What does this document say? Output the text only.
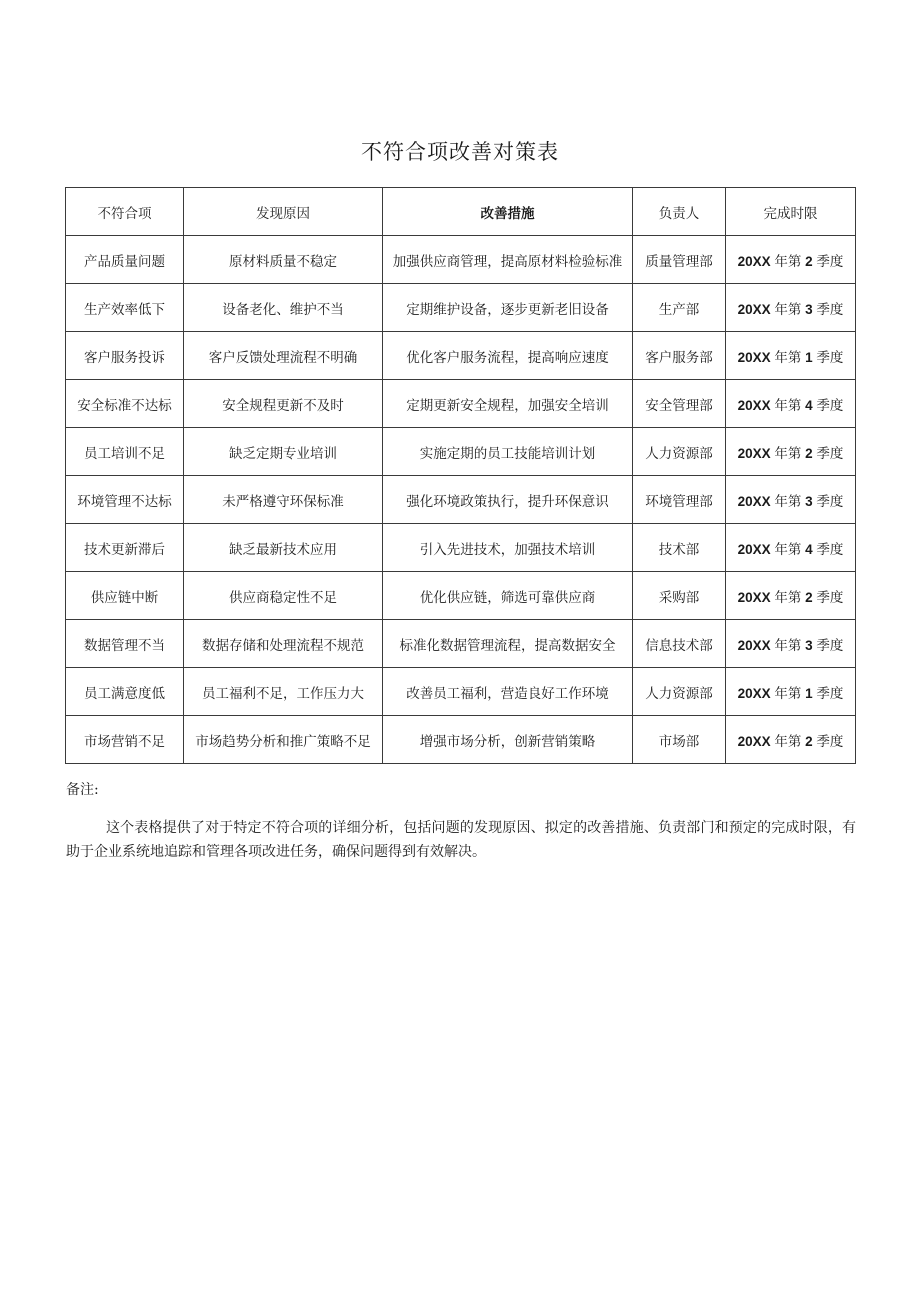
不符合项改善对策表
不符合项	发现原因	改善措施	负责人	完成时限
产品质量问题	原材料质量不稳定	加强供应商管理，提高原材料检验标准	质量管理部	20XX 年第 2 季度
生产效率低下	设备老化、维护不当	定期维护设备，逐步更新老旧设备	生产部	20XX 年第 3 季度
客户服务投诉	客户反馈处理流程不明确	优化客户服务流程，提高响应速度	客户服务部	20XX 年第 1 季度
安全标准不达标	安全规程更新不及时	定期更新安全规程，加强安全培训	安全管理部	20XX 年第 4 季度
员工培训不足	缺乏定期专业培训	实施定期的员工技能培训计划	人力资源部	20XX 年第 2 季度
环境管理不达标	未严格遵守环保标准	强化环境政策执行，提升环保意识	环境管理部	20XX 年第 3 季度
技术更新滞后	缺乏最新技术应用	引入先进技术，加强技术培训	技术部	20XX 年第 4 季度
供应链中断	供应商稳定性不足	优化供应链，筛选可靠供应商	采购部	20XX 年第 2 季度
数据管理不当	数据存储和处理流程不规范	标准化数据管理流程，提高数据安全	信息技术部	20XX 年第 3 季度
员工满意度低	员工福利不足，工作压力大	改善员工福利，营造良好工作环境	人力资源部	20XX 年第 1 季度
市场营销不足	市场趋势分析和推广策略不足	增强市场分析，创新营销策略	市场部	20XX 年第 2 季度
备注:

这个表格提供了对于特定不符合项的详细分析，包括问题的发现原因、拟定的改善措施、负责部门和预定的完成时限，有助于企业系统地追踪和管理各项改进任务，确保问题得到有效解决。
